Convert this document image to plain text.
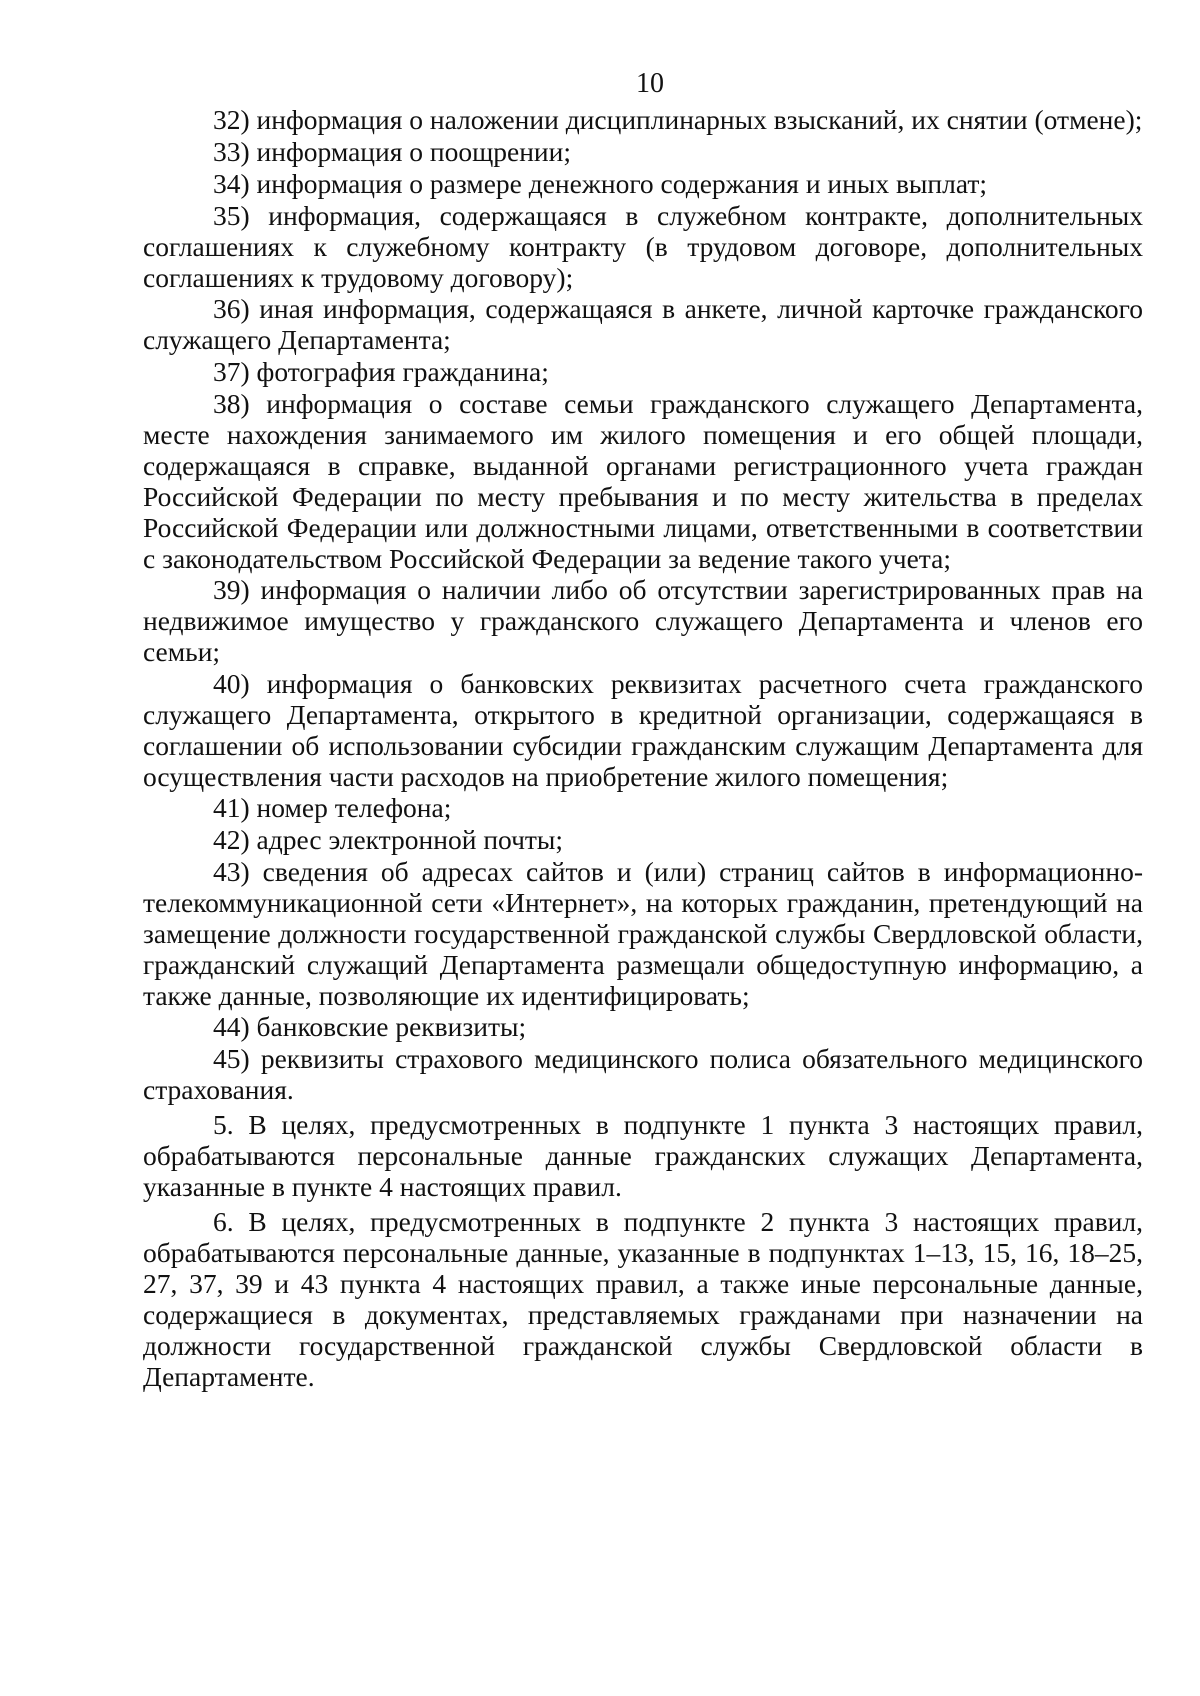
10

32) информация о наложении дисциплинарных взысканий, их снятии (отмене);

33) информация о поощрении;

34) информация о размере денежного содержания и иных выплат;

35) информация, содержащаяся в служебном контракте, дополнительных соглашениях к служебному контракту (в трудовом договоре, дополнительных соглашениях к трудовому договору);

36) иная информация, содержащаяся в анкете, личной карточке гражданского служащего Департамента;

37) фотография гражданина;

38) информация о составе семьи гражданского служащего Департамента, месте нахождения занимаемого им жилого помещения и его общей площади, содержащаяся в справке, выданной органами регистрационного учета граждан Российской Федерации по месту пребывания и по месту жительства в пределах Российской Федерации или должностными лицами, ответственными в соответствии с законодательством Российской Федерации за ведение такого учета;

39) информация о наличии либо об отсутствии зарегистрированных прав на недвижимое имущество у гражданского служащего Департамента и членов его семьи;

40) информация о банковских реквизитах расчетного счета гражданского служащего Департамента, открытого в кредитной организации, содержащаяся в соглашении об использовании субсидии гражданским служащим Департамента для осуществления части расходов на приобретение жилого помещения;

41) номер телефона;

42) адрес электронной почты;

43) сведения об адресах сайтов и (или) страниц сайтов в информационно-телекоммуникационной сети «Интернет», на которых гражданин, претендующий на замещение должности государственной гражданской службы Свердловской области, гражданский служащий Департамента размещали общедоступную информацию, а также данные, позволяющие их идентифицировать;

44) банковские реквизиты;

45) реквизиты страхового медицинского полиса обязательного медицинского страхования.

5. В целях, предусмотренных в подпункте 1 пункта 3 настоящих правил, обрабатываются персональные данные гражданских служащих Департамента, указанные в пункте 4 настоящих правил.

6. В целях, предусмотренных в подпункте 2 пункта 3 настоящих правил, обрабатываются персональные данные, указанные в подпунктах 1–13, 15, 16, 18–25, 27, 37, 39 и 43 пункта 4 настоящих правил, а также иные персональные данные, содержащиеся в документах, представляемых гражданами при назначении на должности государственной гражданской службы Свердловской области в Департаменте.
